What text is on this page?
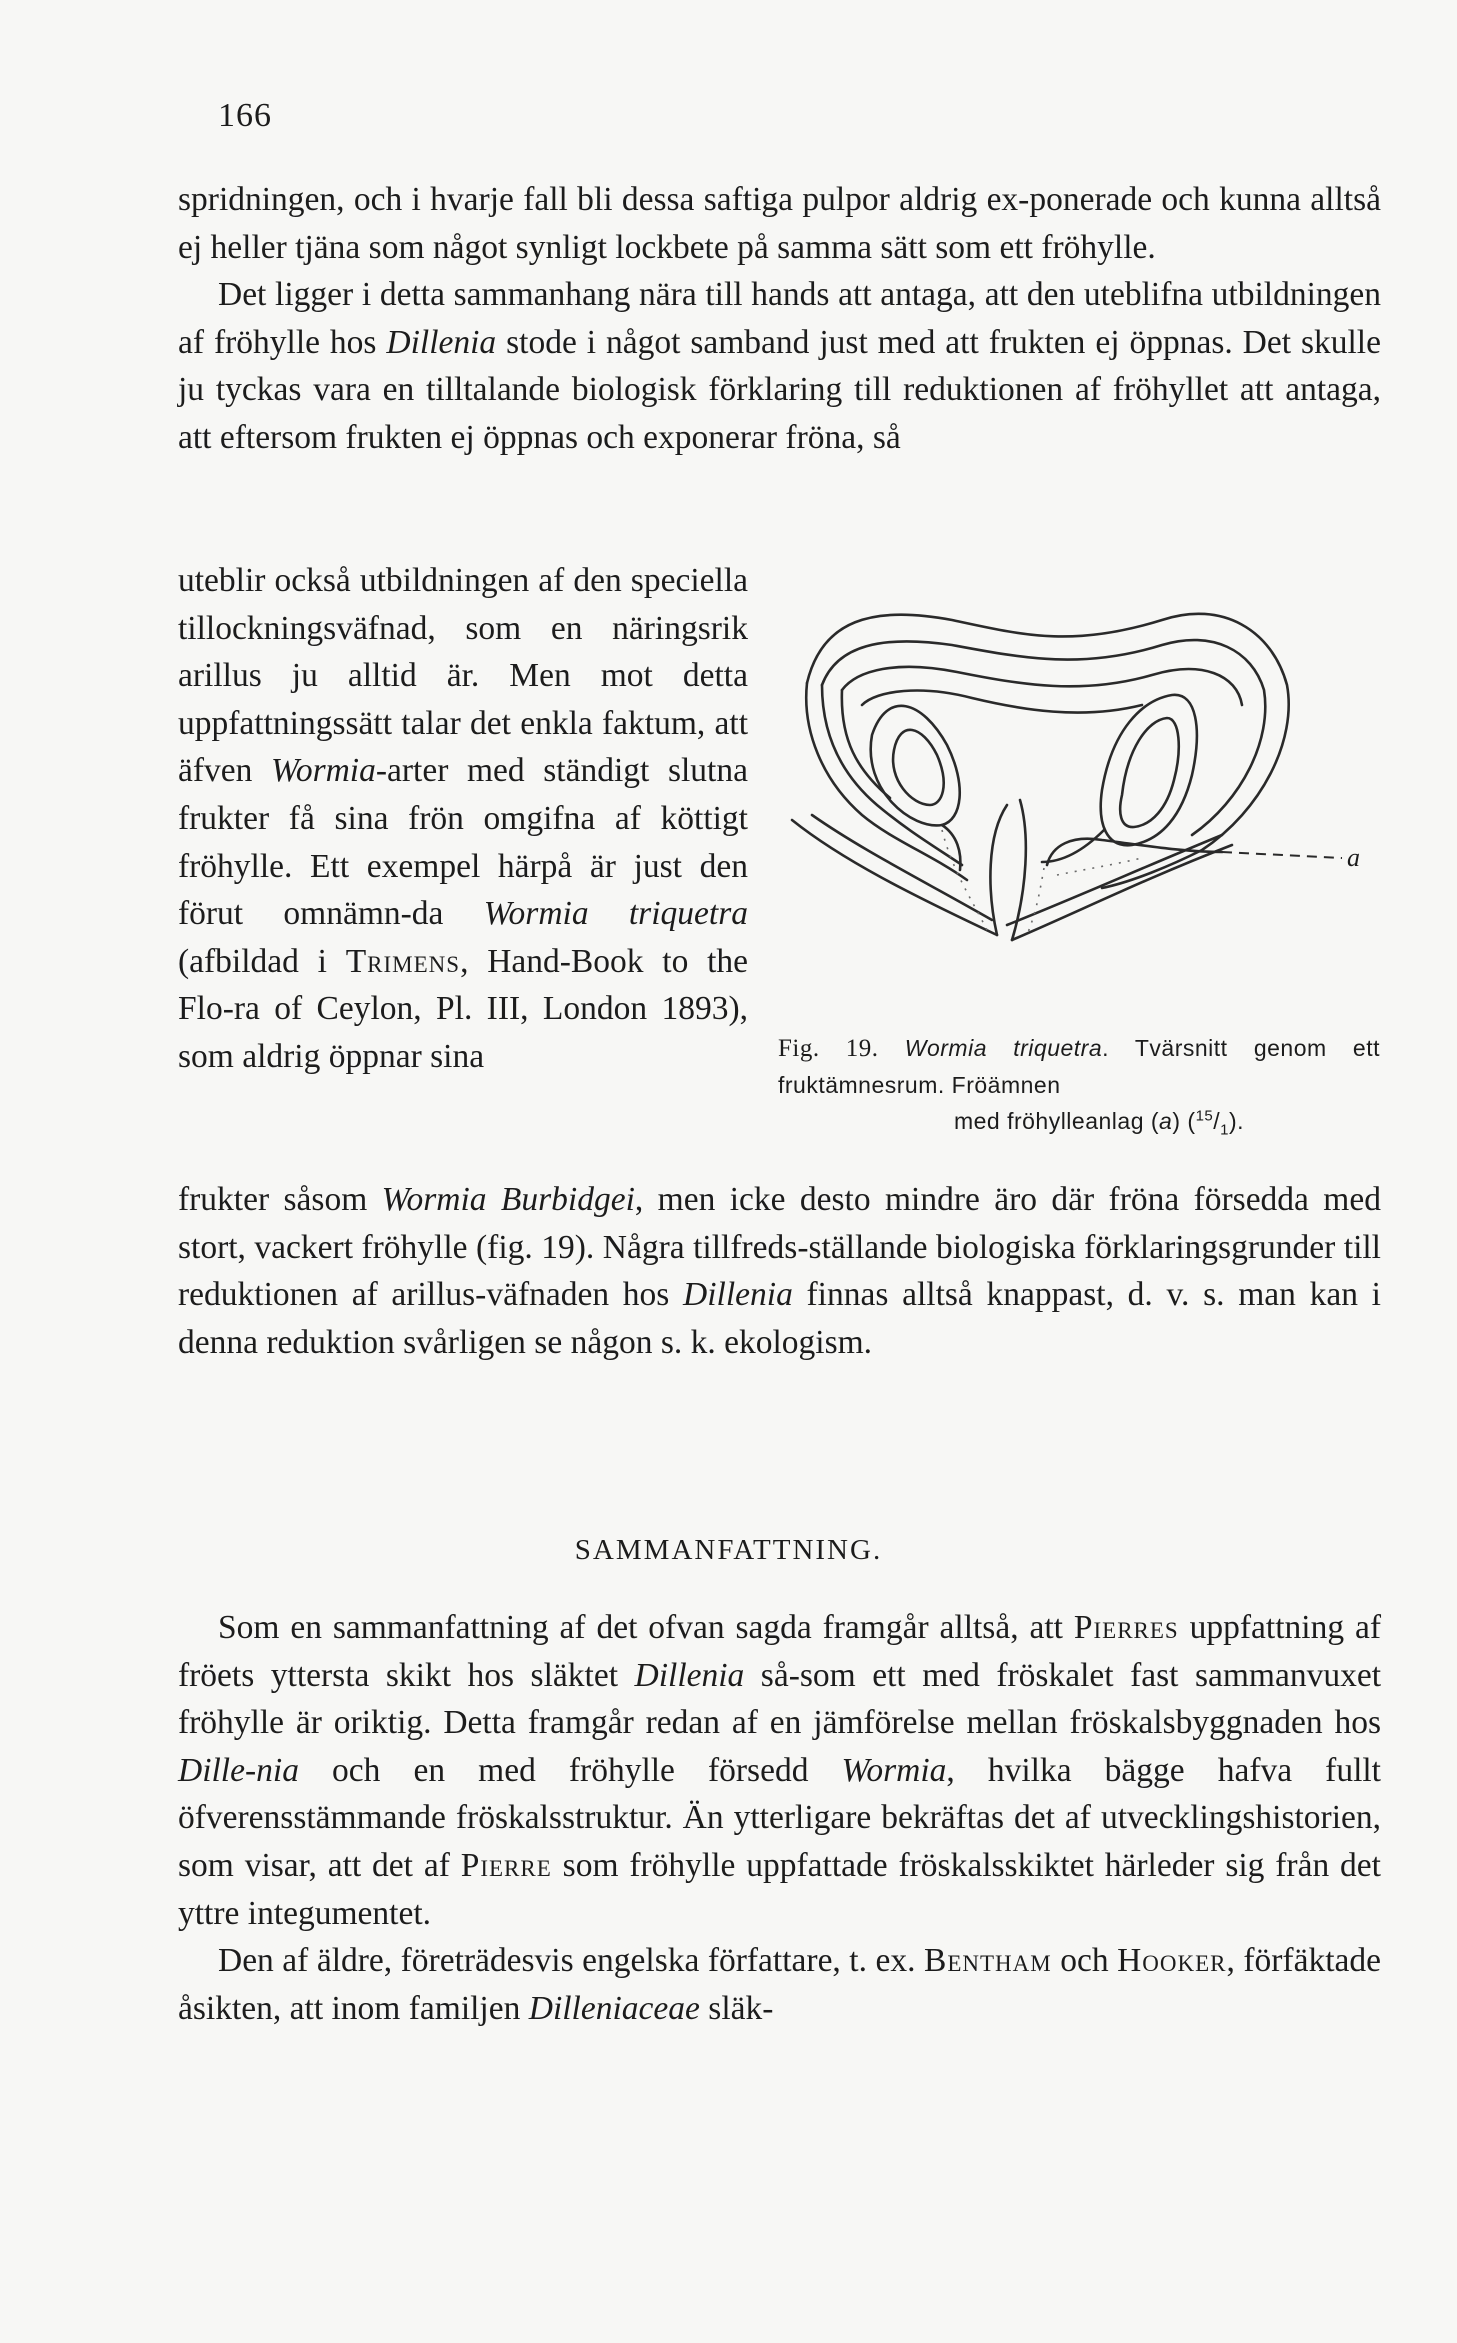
166

spridningen, och i hvarje fall bli dessa saftiga pulpor aldrig ex-ponerade och kunna alltså ej heller tjäna som något synligt lockbete på samma sätt som ett fröhylle.

Det ligger i detta sammanhang nära till hands att antaga, att den uteblifna utbildningen af fröhylle hos Dillenia stode i något samband just med att frukten ej öppnas. Det skulle ju tyckas vara en tilltalande biologisk förklaring till reduktionen af fröhyllet att antaga, att eftersom frukten ej öppnas och exponerar fröna, så

uteblir också utbildningen af den speciella tillockningsväfnad, som en näringsrik arillus ju alltid är. Men mot detta uppfattningssätt talar det enkla faktum, att äfven Wormia-arter med ständigt slutna frukter få sina frön omgifna af köttigt fröhylle. Ett exempel härpå är just den förut omnämn-da Wormia triquetra (afbildad i Trimens, Hand-Book to the Flo-ra of Ceylon, Pl. III, London 1893), som aldrig öppnar sina

a
Fig. 19. Wormia triquetra. Tvärsnitt genom ett fruktämnesrum. Fröämnen
med fröhylleanlag (a) $(^{15}/_1)$.

frukter såsom Wormia Burbidgei, men icke desto mindre äro där fröna försedda med stort, vackert fröhylle (fig. 19). Några tillfreds-ställande biologiska förklaringsgrunder till reduktionen af arillus-väfnaden hos Dillenia finnas alltså knappast, d. v. s. man kan i denna reduktion svårligen se någon s. k. ekologism.

SAMMANFATTNING.

Som en sammanfattning af det ofvan sagda framgår alltså, att Pierres uppfattning af fröets yttersta skikt hos släktet Dillenia så-som ett med fröskalet fast sammanvuxet fröhylle är oriktig. Detta framgår redan af en jämförelse mellan fröskalsbyggnaden hos Dille-nia och en med fröhylle försedd Wormia, hvilka bägge hafva fullt öfverensstämmande fröskalsstruktur. Än ytterligare bekräftas det af utvecklingshistorien, som visar, att det af Pierre som fröhylle uppfattade fröskalsskiktet härleder sig från det yttre integumentet.

Den af äldre, företrädesvis engelska författare, t. ex. Bentham och Hooker, förfäktade åsikten, att inom familjen Dilleniaceae släk-
